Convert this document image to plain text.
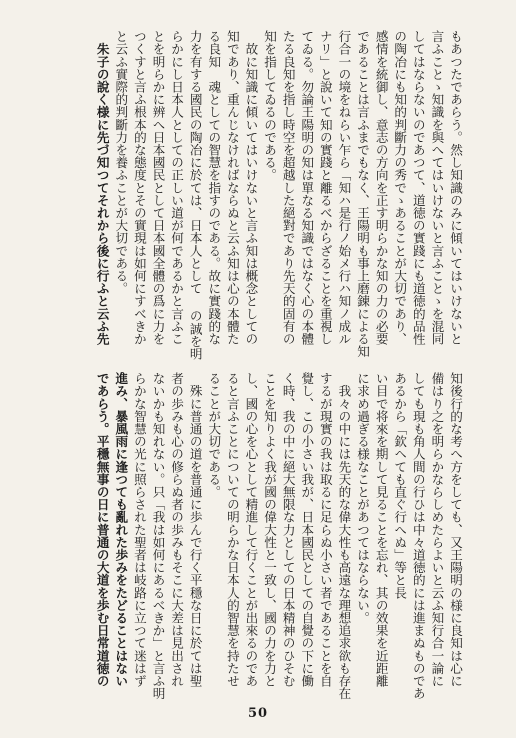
もあつたであらう。然し知識のみに傾いてはいけないと
言ふことゝ知識を與へてはいけないと言ふことゝを混同
してはならないのであつて、道徳の實踐にも道徳的品性
の陶冶にも知的判斷力の秀でゝあることが大切であり、
感情を統御し、意志の方向を正す明らかな知の力の必要
であることは言ふまでもなく、王陽明も事上磨錬による知
行合一の境をねらい乍ら「知ハ是行ノ始メ行ハ知ノ成ル
ナリ」と說いて知の實踐と離るべからざることを重視し
てゐる。勿論王陽明の知は單なる知識ではなく心の本體
たる良知を指し時空を超越した絕對であり先天的固有の
知を指してゐるのである。
　故に知識に傾いてはいけないと言ふ知は概念としての
知であり、重んじなければならぬと云ふ知は心の本體た
る良知　魂としての智慧を指すのである。故に實踐的な
力を有する國民の陶冶に於ては、日本人として の誠を明
らかにし日本人としての正しい道が何であるかと言ふこ
とを明らかに辨へ日本國民として日本國全體の爲に力を
つくすと言ふ根本的な態度とその實現は如何にすべきか
と云ふ實際的判斷力を養ふことが大切である。
　朱子の說く様に先づ知つてそれから後に行ふと云ふ先
知後行的な考へ方をしても、又王陽明の様に良知は心に
備はり之を明らかならしめたらよいと云ふ知行合一論に
しても現も角人間の行ひは中々道徳的には進まぬものであ
あるから「欽ヘても直ぐ行へぬ」等と長
い目で将來を期して見ることを忘れ、其の效果を近距離
に求め過ぎる様なことがあつてはならない。
　我々の中には先天的な偉大性も高遠な理想追求欲も存在
するが現實の我は取るに足らぬ小さい者であることを自
覺し、この小さい我が、日本國民としての自覺の下に働
く時、我の中に絕大無限な力としての日本精神のひそむ
ことを知りよく我が國の偉大性と一致し、國の力を力と
し、國の心を心として精進して行くことが出來るのであ
ると言ふことについての明らかな日本人的智慧を持たせ
ることが大切である。
　殊に普通の道を普通に歩んで行く平穩な日に於ては聖
者の歩みも心の修らぬ者の歩みもそこに大差は見出され
ないかも知れない。只「我は如何にあるべきか」と言ふ明
らかな智慧の光に照らされた聖者は岐路に立つて迷はず
進み、暴風雨に逢つても亂れた歩みをたどることはない
であらう。平穩無事の日に普通の大道を歩む日常道徳の
50
